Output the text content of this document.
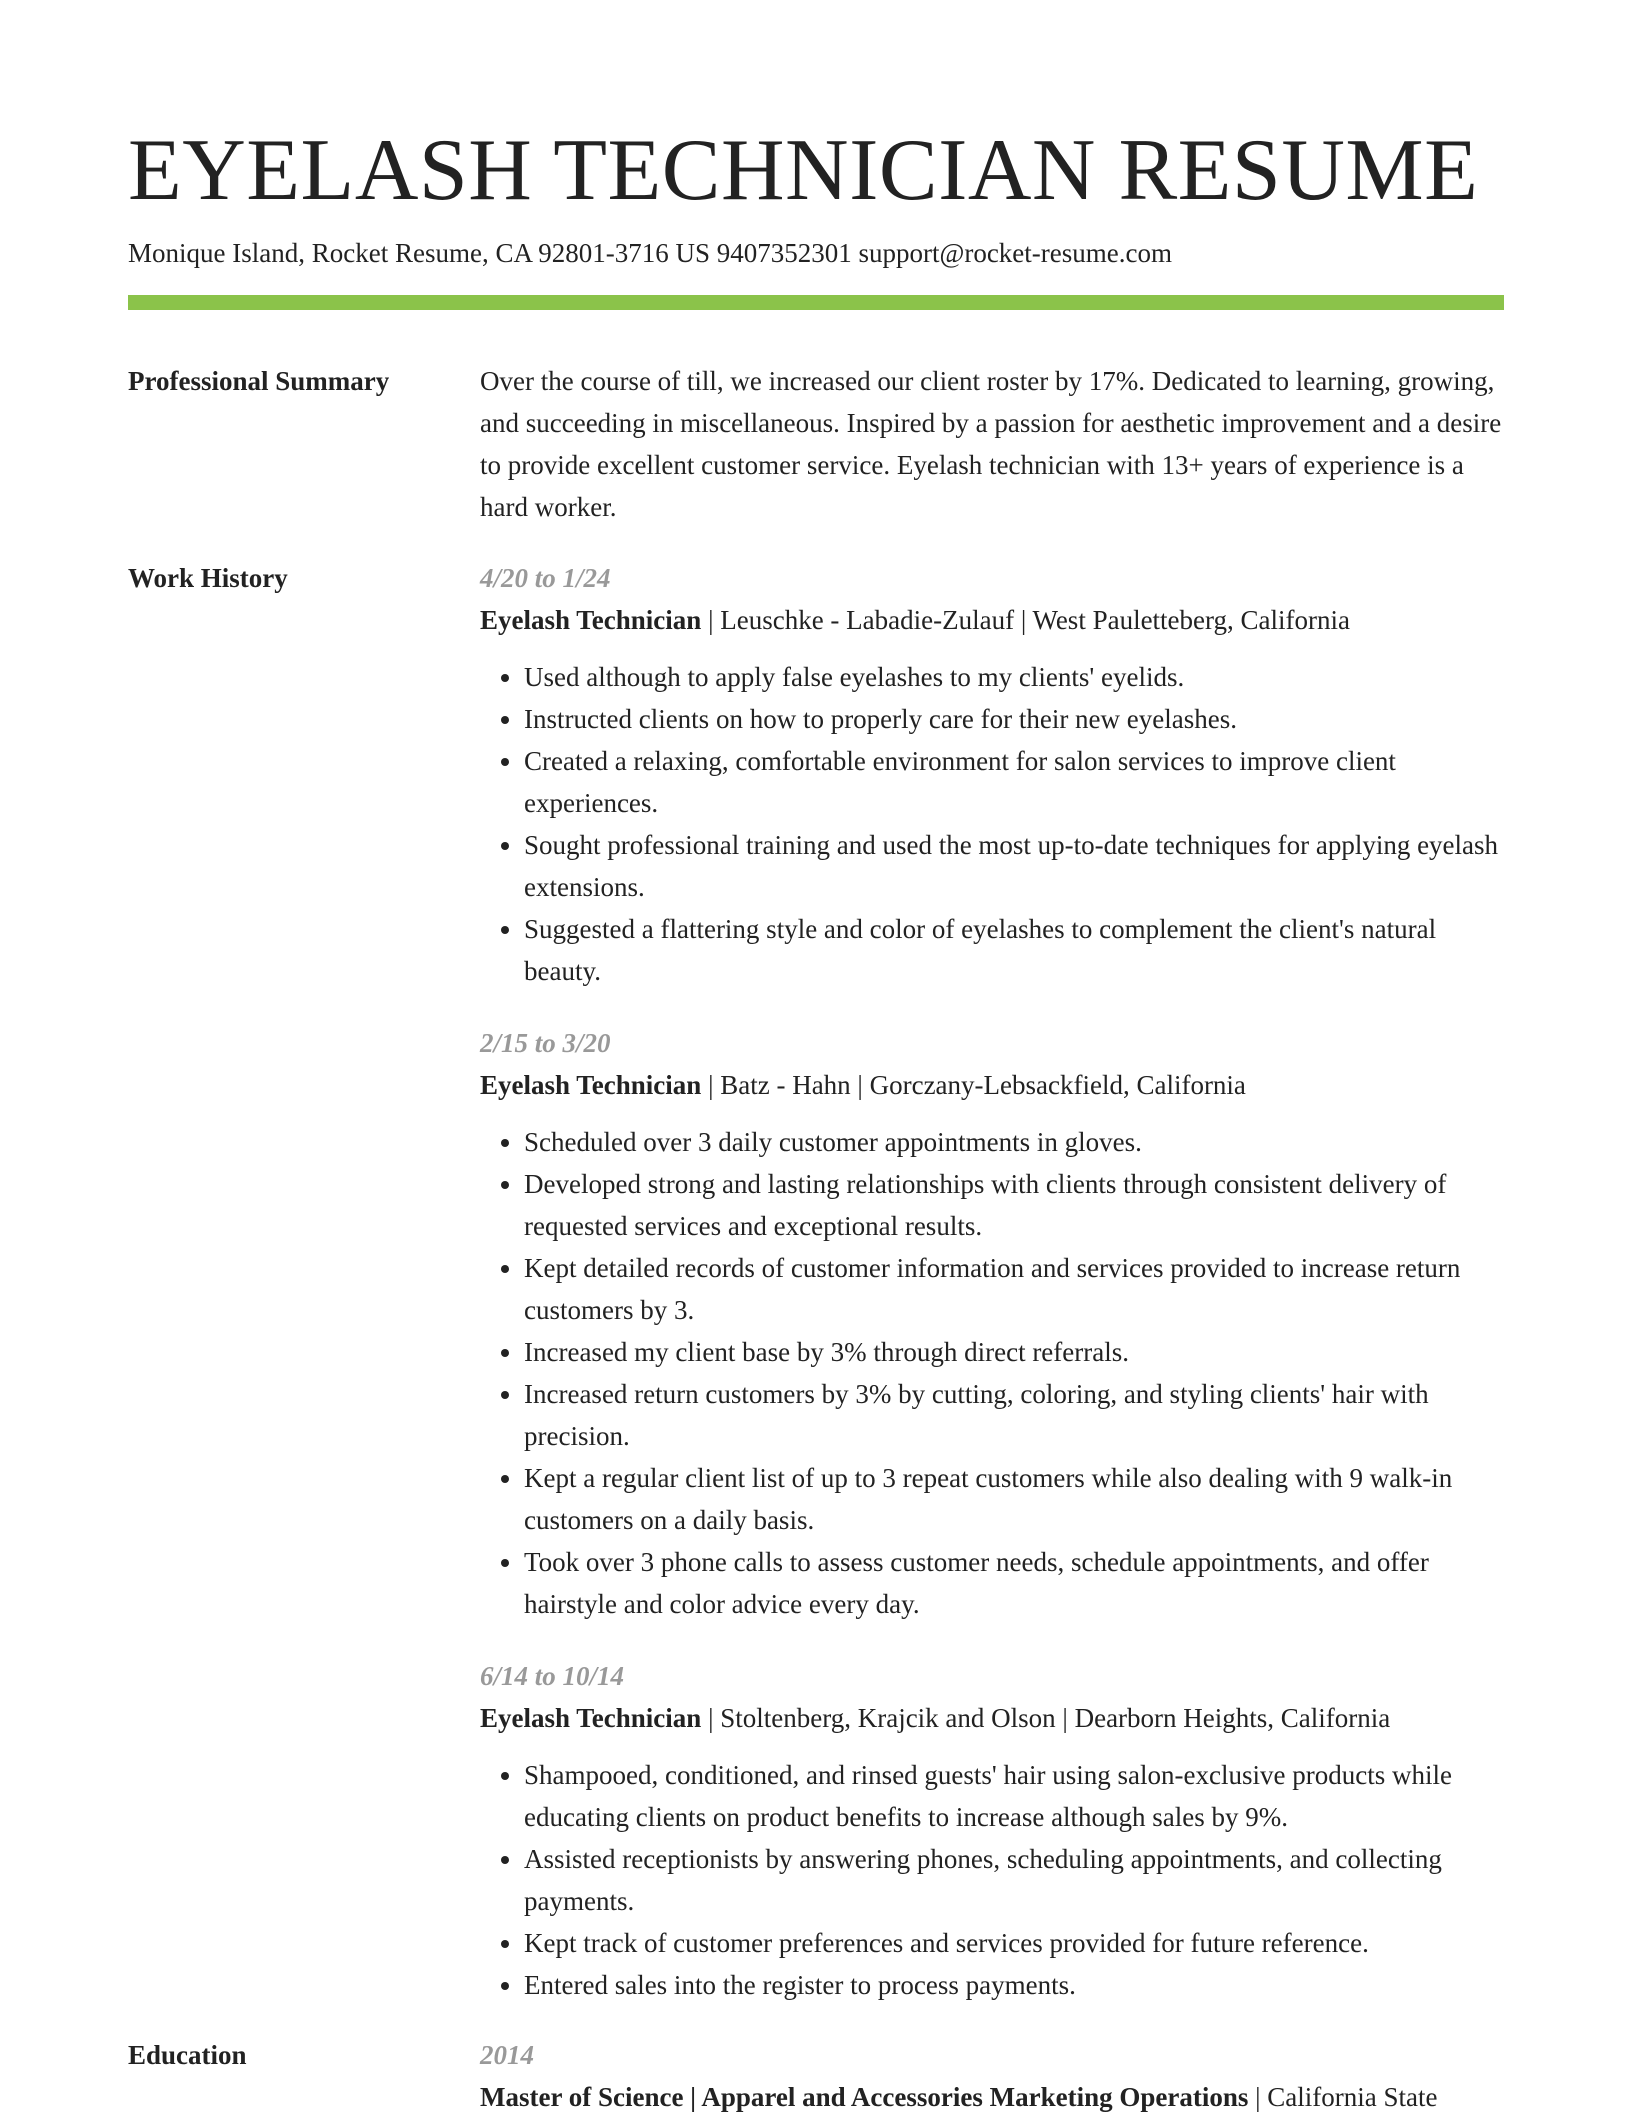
EYELASH TECHNICIAN RESUME
Monique Island, Rocket Resume, CA 92801-3716 US 9407352301 support@rocket-resume.com
Professional Summary	Over the course of till, we increased our client roster by 17%. Dedicated to learning, growing, and succeeding in miscellaneous. Inspired by a passion for aesthetic improvement and a desire to provide excellent customer service. Eyelash technician with 13+ years of experience is a hard worker.

Work History	4/20 to 1/24
Eyelash Technician | Leuschke - Labadie-Zulauf | West Pauletteberg, California
• Used although to apply false eyelashes to my clients' eyelids.
• Instructed clients on how to properly care for their new eyelashes.
• Created a relaxing, comfortable environment for salon services to improve client experiences.
• Sought professional training and used the most up-to-date techniques for applying eyelash extensions.
• Suggested a flattering style and color of eyelashes to complement the client's natural beauty.
2/15 to 3/20
Eyelash Technician | Batz - Hahn | Gorczany-Lebsackfield, California
• Scheduled over 3 daily customer appointments in gloves.
• Developed strong and lasting relationships with clients through consistent delivery of requested services and exceptional results.
• Kept detailed records of customer information and services provided to increase return customers by 3.
• Increased my client base by 3% through direct referrals.
• Increased return customers by 3% by cutting, coloring, and styling clients' hair with precision.
• Kept a regular client list of up to 3 repeat customers while also dealing with 9 walk-in customers on a daily basis.
• Took over 3 phone calls to assess customer needs, schedule appointments, and offer hairstyle and color advice every day.
6/14 to 10/14
Eyelash Technician | Stoltenberg, Krajcik and Olson | Dearborn Heights, California
• Shampooed, conditioned, and rinsed guests' hair using salon-exclusive products while educating clients on product benefits to increase although sales by 9%.
• Assisted receptionists by answering phones, scheduling appointments, and collecting payments.
• Kept track of customer preferences and services provided for future reference.
• Entered sales into the register to process payments.
Education	2014
Master of Science | Apparel and Accessories Marketing Operations | California State
